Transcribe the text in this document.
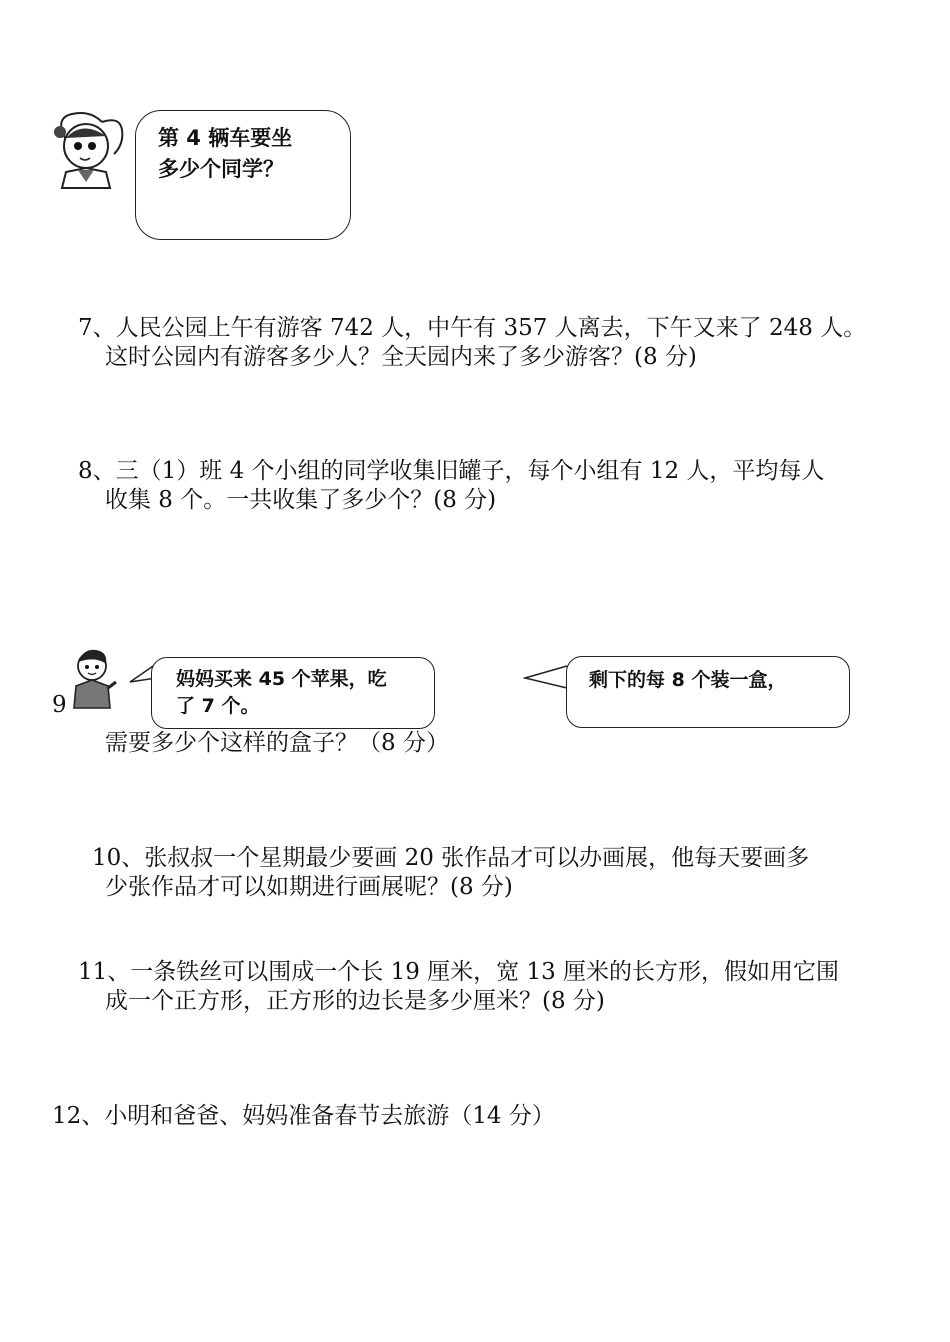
第 4 辆车要坐
多少个同学？
7、人民公园上午有游客 742 人，中午有 357 人离去，下午又来了 248 人。
这时公园内有游客多少人？全天园内来了多少游客？(8 分)
8、三（1）班 4 个小组的同学收集旧罐子，每个小组有 12 人，平均每人
收集 8 个。一共收集了多少个？(8 分)
9
妈妈买来 45 个苹果，吃
了 7 个。
剩下的每 8 个装一盒，
需要多少个这样的盒子？（8 分）
10、张叔叔一个星期最少要画 20 张作品才可以办画展，他每天要画多
少张作品才可以如期进行画展呢？(8 分)
11、一条铁丝可以围成一个长 19 厘米，宽 13 厘米的长方形，假如用它围
成一个正方形，正方形的边长是多少厘米？(8 分)
12、小明和爸爸、妈妈准备春节去旅游（14 分）
